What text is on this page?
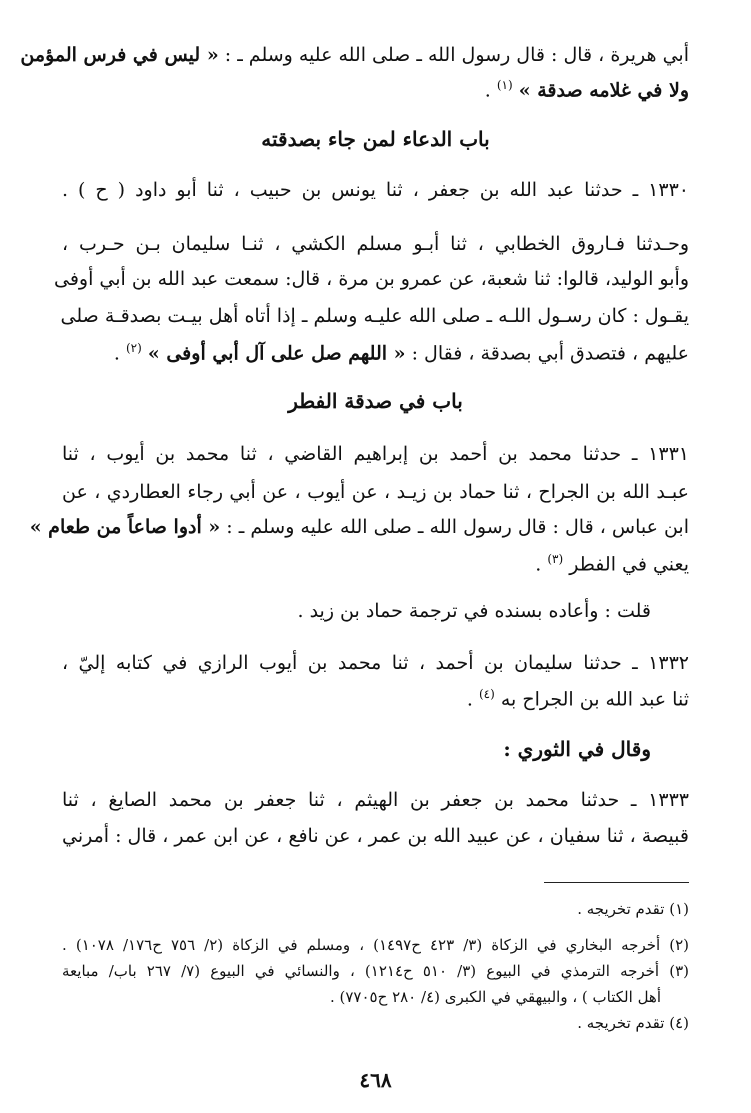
أبي هريرة ، قال : قال رسول الله ـ صلى الله عليه وسلم ـ : « ليس في فرس المؤمن
ولا في غلامه صدقة » $^{(١)}$ .
باب الدعاء لمن جاء بصدقته
١٣٣٠ ـ حدثنا عبد الله بن جعفر ، ثنا يونس بن حبيب ، ثنا أبو داود ( ح ) .
وحـدثنا فـاروق الخطابي ، ثنا أبـو مسلم الكشي ، ثنـا سليمان بـن حـرب ،
وأبو الوليد، قالوا: ثنا شعبة، عن عمرو بن مرة ، قال: سمعت عبد الله بن أبي أوفى
يقـول : كان رسـول اللـه ـ صلى الله عليـه وسلم ـ إذا أتاه أهل بيـت بصدقـة صلى
عليهم ، فتصدق أبي بصدقة ، فقال : « اللهم صل على آل أبي أوفى » $^{(٢)}$ .
باب في صدقة الفطر
١٣٣١ ـ حدثنا محمد بن أحمد بن إبراهيم القاضي ، ثنا محمد بن أيوب ، ثنا
عبـد الله بن الجراح ، ثنا حماد بن زيـد ، عن أيوب ، عن أبي رجاء العطاردي ، عن
ابن عباس ، قال : قال رسول الله ـ صلى الله عليه وسلم ـ : « أدوا صاعاً من طعام »
يعني في الفطر $^{(٣)}$ .
قلت : وأعاده بسنده في ترجمة حماد بن زيد .
١٣٣٢ ـ حدثنا سليمان بن أحمد ، ثنا محمد بن أيوب الرازي في كتابه إليّ ،
ثنا عبد الله بن الجراح به $^{(٤)}$ .
وقال في الثوري :
١٣٣٣ ـ حدثنا محمد بن جعفر بن الهيثم ، ثنا جعفر بن محمد الصايغ ، ثنا
قبيصة ، ثنا سفيان ، عن عبيد الله بن عمر ، عن نافع ، عن ابن عمر ، قال : أمرني
(١) تقدم تخريجه .
(٢) أخرجه البخاري في الزكاة (٣/ ٤٢٣ ح١٤٩٧) ، ومسلم في الزكاة (٢/ ٧٥٦ ح١٧٦/ ١٠٧٨) .
(٣) أخرجه الترمذي في البيوع (٣/ ٥١٠ ح١٢١٤) ، والنسائي في البيوع (٧/ ٢٦٧ باب/ مبايعة
أهل الكتاب ) ، والبيهقي في الكبرى (٤/ ٢٨٠ ح٧٧٠٥) .
(٤) تقدم تخريجه .
٤٦٨
